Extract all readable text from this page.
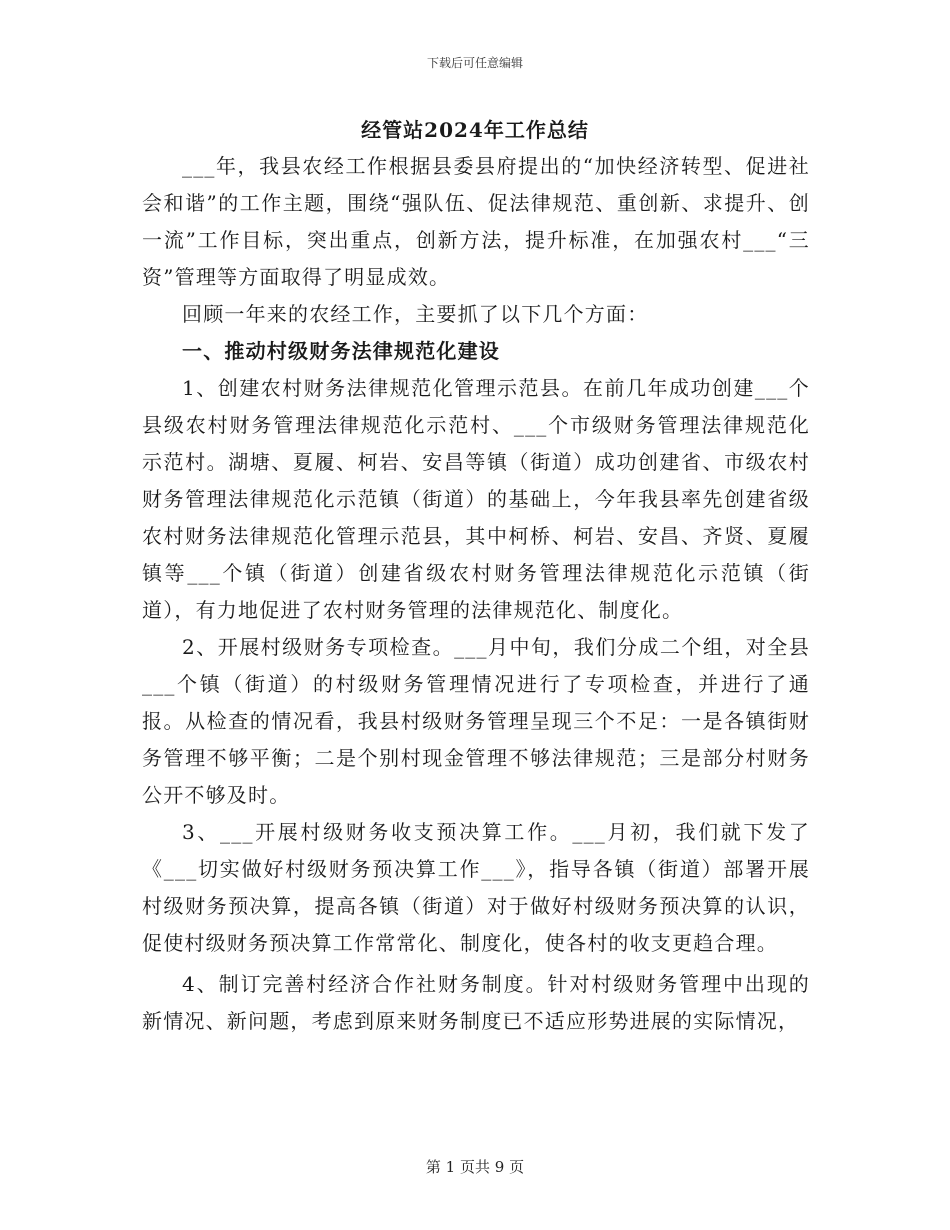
下载后可任意编辑
经管站2024年工作总结

___年，我县农经工作根据县委县府提出的“加快经济转型、促进社会和谐”的工作主题，围绕“强队伍、促法律规范、重创新、求提升、创一流”工作目标，突出重点，创新方法，提升标准，在加强农村___“三资”管理等方面取得了明显成效。

回顾一年来的农经工作，主要抓了以下几个方面：

一、推动村级财务法律规范化建设

1、创建农村财务法律规范化管理示范县。在前几年成功创建___个县级农村财务管理法律规范化示范村、___个市级财务管理法律规范化示范村。湖塘、夏履、柯岩、安昌等镇（街道）成功创建省、市级农村财务管理法律规范化示范镇（街道）的基础上，今年我县率先创建省级农村财务法律规范化管理示范县，其中柯桥、柯岩、安昌、齐贤、夏履镇等___个镇（街道）创建省级农村财务管理法律规范化示范镇（街道），有力地促进了农村财务管理的法律规范化、制度化。

2、开展村级财务专项检查。___月中旬，我们分成二个组，对全县___个镇（街道）的村级财务管理情况进行了专项检查，并进行了通报。从检查的情况看，我县村级财务管理呈现三个不足：一是各镇街财务管理不够平衡；二是个别村现金管理不够法律规范；三是部分村财务公开不够及时。

3、___开展村级财务收支预决算工作。___月初，我们就下发了《___切实做好村级财务预决算工作___》，指导各镇（街道）部署开展村级财务预决算，提高各镇（街道）对于做好村级财务预决算的认识，促使村级财务预决算工作常常化、制度化，使各村的收支更趋合理。

4、制订完善村经济合作社财务制度。针对村级财务管理中出现的新情况、新问题，考虑到原来财务制度已不适应形势进展的实际情况，

第 1 页共 9 页
